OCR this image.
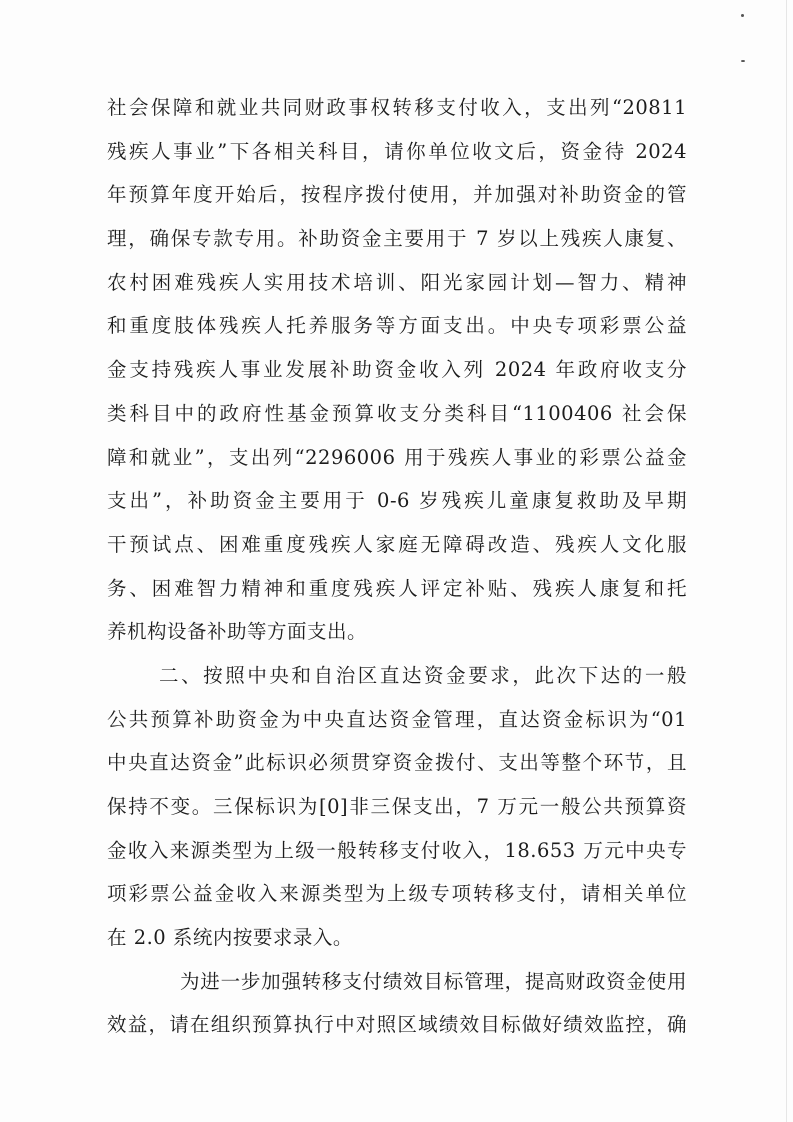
社会保障和就业共同财政事权转移支付收入，支出列“20811
残疾人事业”下各相关科目，请你单位收文后，资金待 2024
年预算年度开始后，按程序拨付使用，并加强对补助资金的管
理，确保专款专用。补助资金主要用于 7 岁以上残疾人康复、
农村困难残疾人实用技术培训、阳光家园计划—智力、精神
和重度肢体残疾人托养服务等方面支出。中央专项彩票公益
金支持残疾人事业发展补助资金收入列 2024 年政府收支分
类科目中的政府性基金预算收支分类科目“1100406 社会保
障和就业”，支出列“2296006 用于残疾人事业的彩票公益金
支出”，补助资金主要用于 0-6 岁残疾儿童康复救助及早期
干预试点、困难重度残疾人家庭无障碍改造、残疾人文化服
务、困难智力精神和重度残疾人评定补贴、残疾人康复和托
养机构设备补助等方面支出。
二、按照中央和自治区直达资金要求，此次下达的一般
公共预算补助资金为中央直达资金管理，直达资金标识为“01
中央直达资金”此标识必须贯穿资金拨付、支出等整个环节，且
保持不变。三保标识为[0]非三保支出，7 万元一般公共预算资
金收入来源类型为上级一般转移支付收入，18.653 万元中央专
项彩票公益金收入来源类型为上级专项转移支付，请相关单位
在 2.0 系统内按要求录入。
为进一步加强转移支付绩效目标管理，提高财政资金使用
效益，请在组织预算执行中对照区域绩效目标做好绩效监控，确
